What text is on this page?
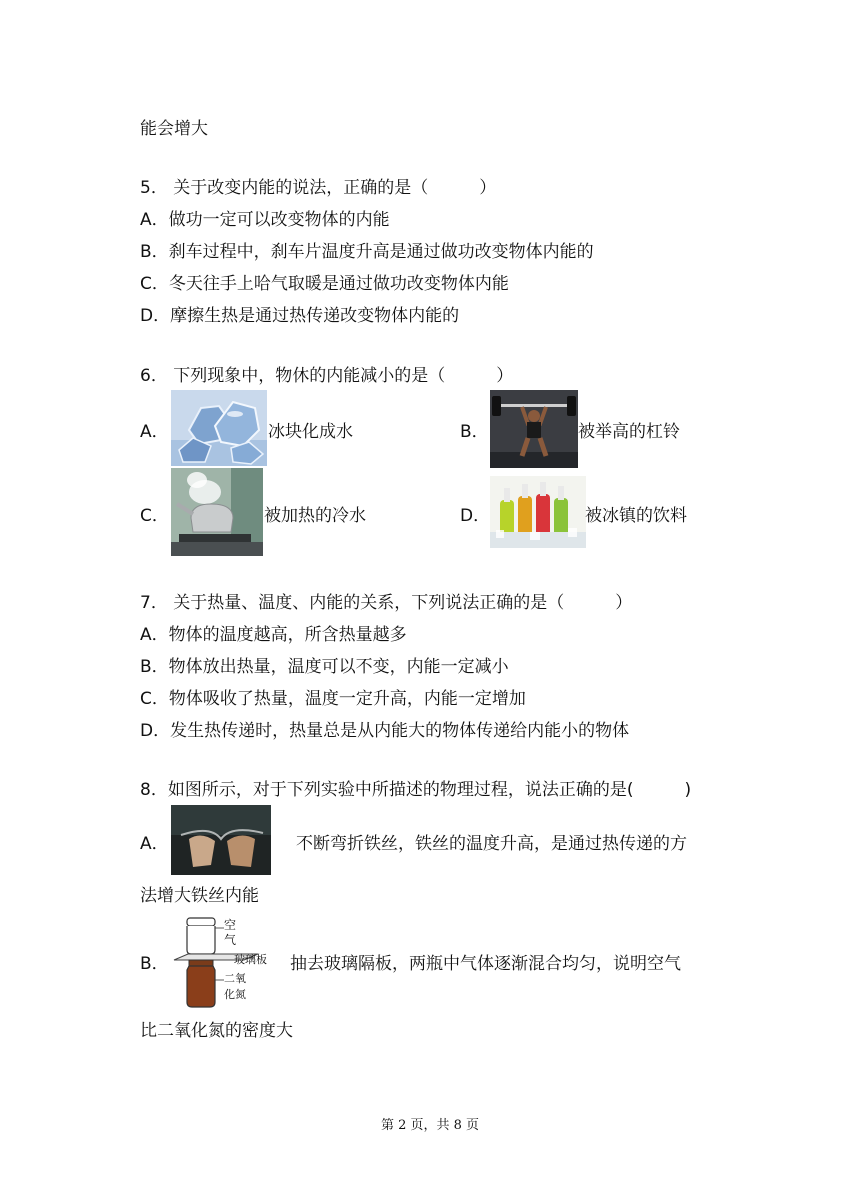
能会增大
5． 关于改变内能的说法，正确的是（　　　）
A．做功一定可以改变物体的内能
B．刹车过程中，刹车片温度升高是通过做功改变物体内能的
C．冬天往手上哈气取暖是通过做功改变物体内能
D．摩擦生热是通过热传递改变物体内能的
6． 下列现象中，物休的内能减小的是（　　　）
A．	冰块化成水	B．	被举高的杠铃
C．	被加热的冷水	D．	被冰镇的饮料
7． 关于热量、温度、内能的关系，下列说法正确的是（　　　）
A．物体的温度越高，所含热量越多
B．物体放出热量，温度可以不变，内能一定减小
C．物体吸收了热量，温度一定升高，内能一定增加
D．发生热传递时，热量总是从内能大的物体传递给内能小的物体
8．如图所示，对于下列实验中所描述的物理过程，说法正确的是(　　　)
A．	不断弯折铁丝，铁丝的温度升高，是通过热传递的方
法增大铁丝内能
B．
空
气
玻璃板
二氧
化氮
抽去玻璃隔板，两瓶中气体逐渐混合均匀，说明空气
比二氧化氮的密度大
第 2 页，共 8 页
